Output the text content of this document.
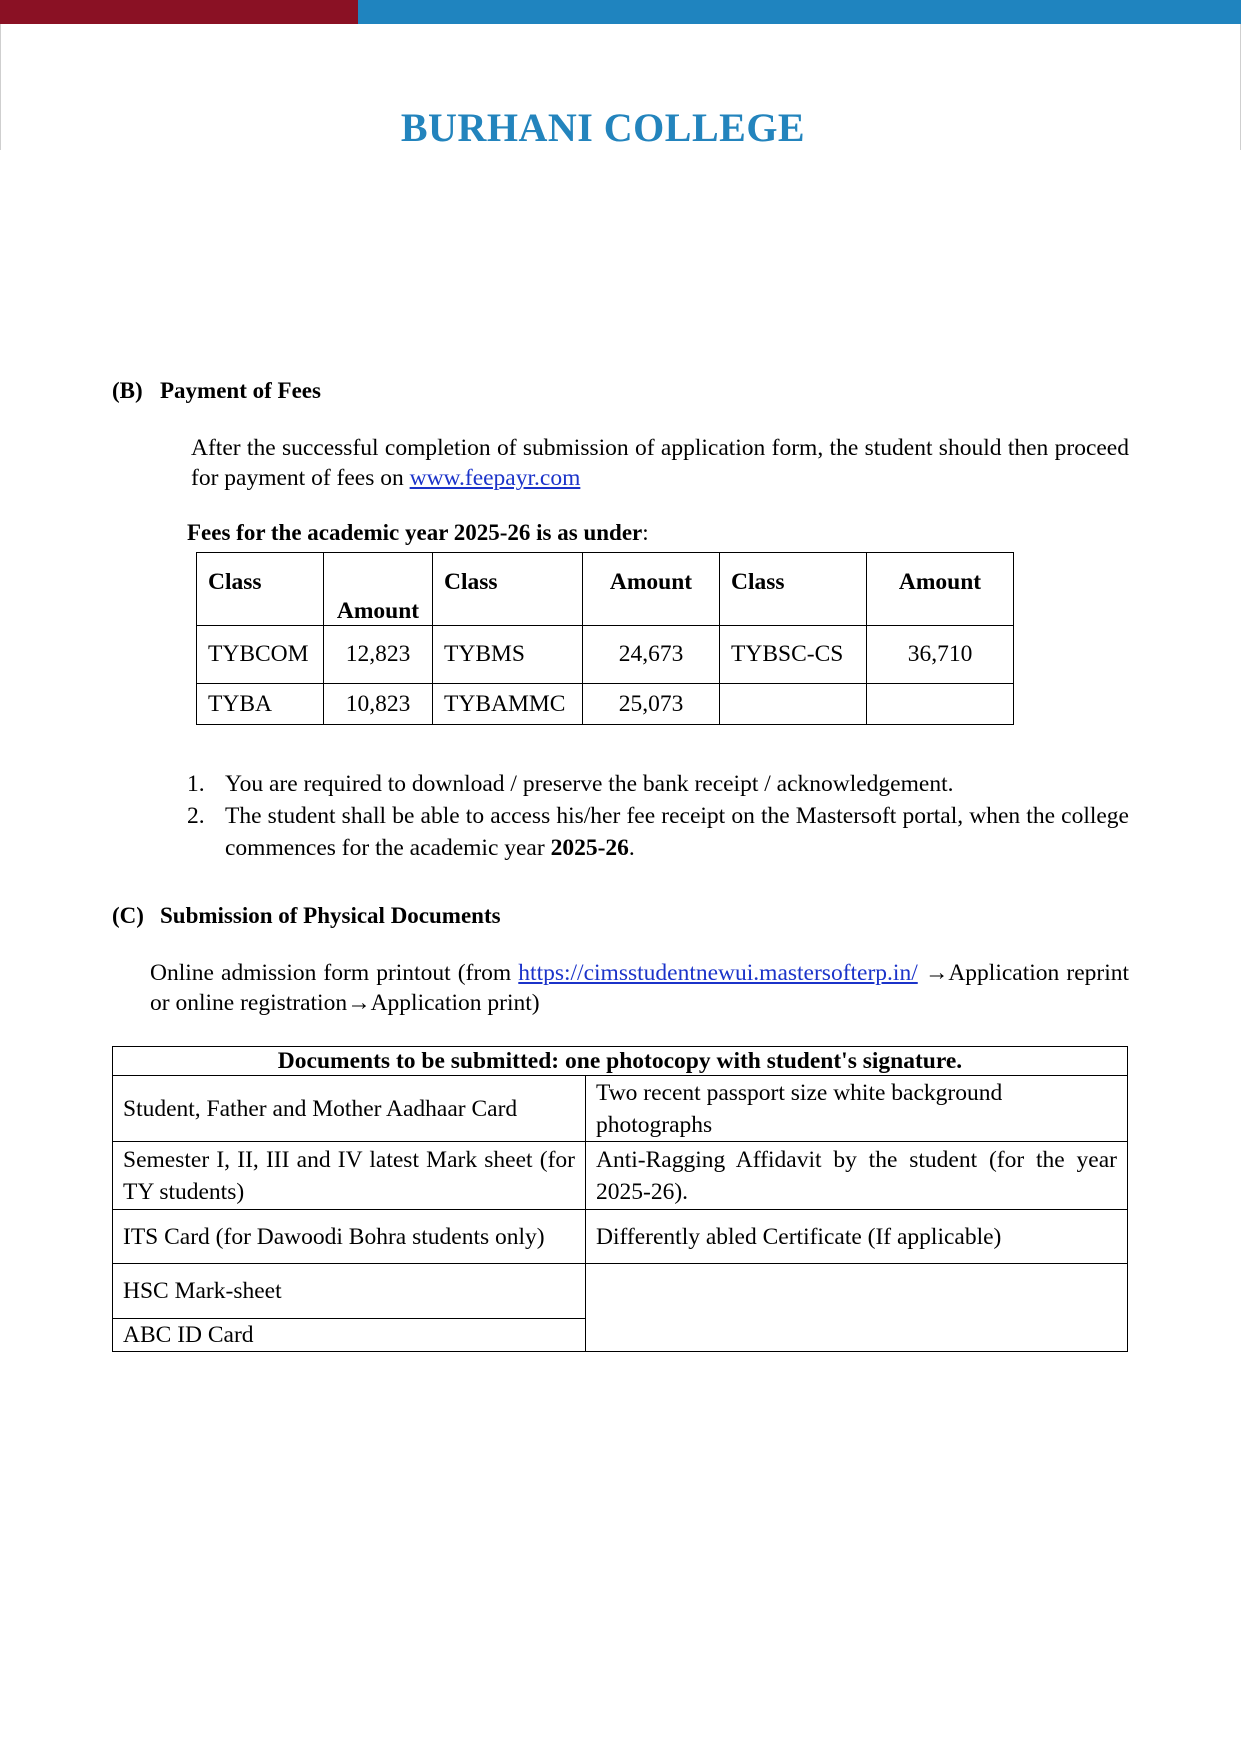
BURHANI COLLEGE
(B) Payment of Fees
After the successful completion of submission of application form, the student should then proceed for payment of fees on www.feepayr.com
Fees for the academic year 2025-26 is as under:
Class	Amount	Class	Amount	Class	Amount
TYBCOM	12,823	TYBMS	24,673	TYBSC-CS	36,710
TYBA	10,823	TYBAMMC	25,073		
1. You are required to download / preserve the bank receipt / acknowledgement.
2. The student shall be able to access his/her fee receipt on the Mastersoft portal, when the college commences for the academic year 2025-26.
(C) Submission of Physical Documents
Online admission form printout (from https://cimsstudentnewui.mastersofterp.in/ →Application reprint or online registration→Application print)
Documents to be submitted: one photocopy with student's signature.	
Student, Father and Mother Aadhaar Card	Two recent passport size white background photographs
Semester I, II, III and IV latest Mark sheet (for TY students)	Anti-Ragging Affidavit by the student (for the year 2025-26).
ITS Card (for Dawoodi Bohra students only)	Differently abled Certificate (If applicable)
HSC Mark-sheet	
ABC ID Card	
